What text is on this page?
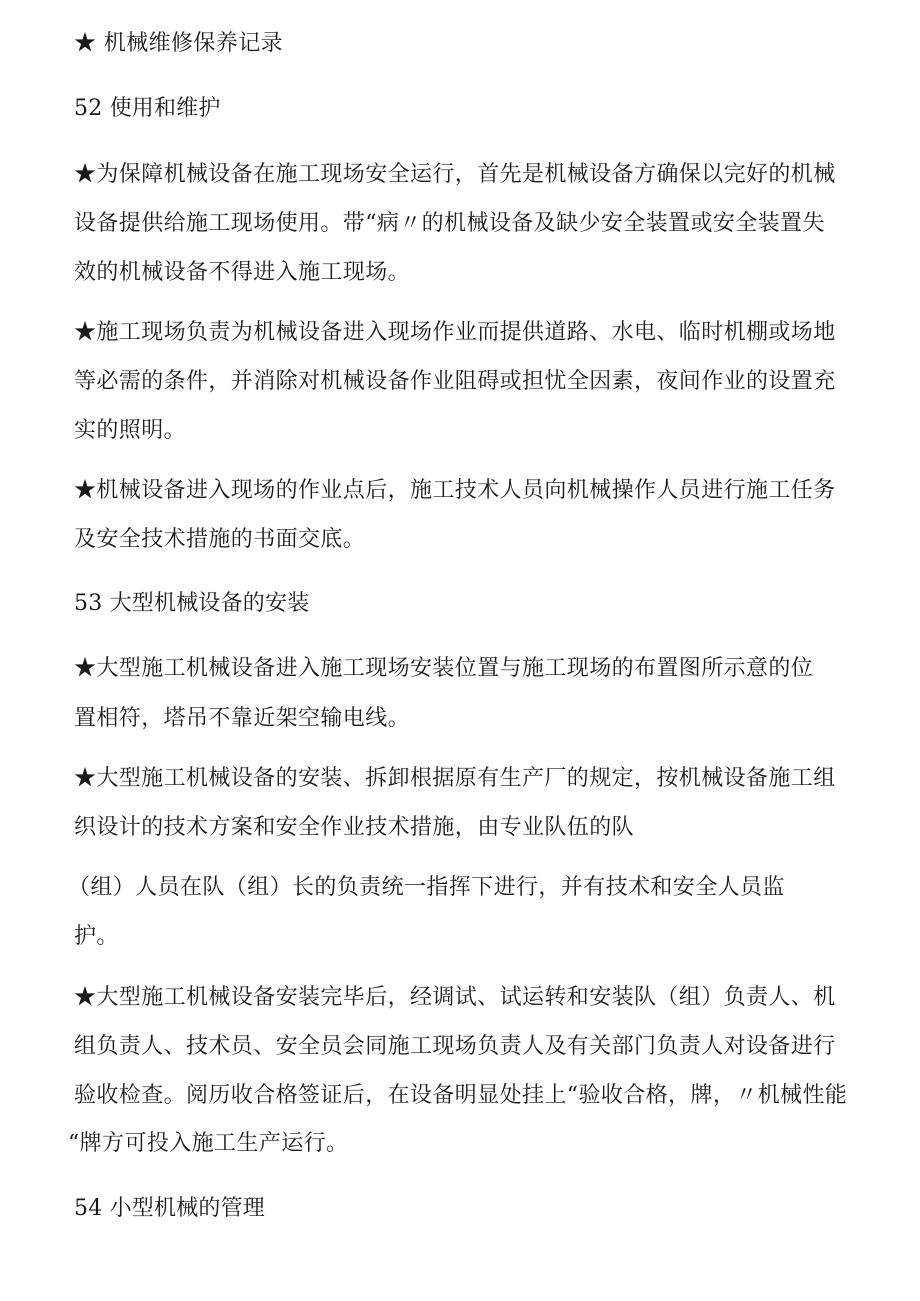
★ 机械维修保养记录
52 使用和维护
★为保障机械设备在施工现场安全运行，首先是机械设备方确保以完好的机械
设备提供给施工现场使用。带“病〃的机械设备及缺少安全装置或安全装置失
效的机械设备不得进入施工现场。
★施工现场负责为机械设备进入现场作业而提供道路、水电、临时机棚或场地
等必需的条件，并消除对机械设备作业阻碍或担忧全因素，夜间作业的设置充
实的照明。
★机械设备进入现场的作业点后，施工技术人员向机械操作人员进行施工任务
及安全技术措施的书面交底。
53 大型机械设备的安装
★大型施工机械设备进入施工现场安装位置与施工现场的布置图所示意的位
置相符，塔吊不靠近架空输电线。
★大型施工机械设备的安装、拆卸根据原有生产厂的规定，按机械设备施工组
织设计的技术方案和安全作业技术措施，由专业队伍的队
（组）人员在队（组）长的负责统一指挥下进行，并有技术和安全人员监
护。
★大型施工机械设备安装完毕后，经调试、试运转和安装队（组）负责人、机
组负责人、技术员、安全员会同施工现场负责人及有关部门负责人对设备进行
验收检查。阅历收合格签证后，在设备明显处挂上“验收合格，牌，〃机械性能
“牌方可投入施工生产运行。
54 小型机械的管理
